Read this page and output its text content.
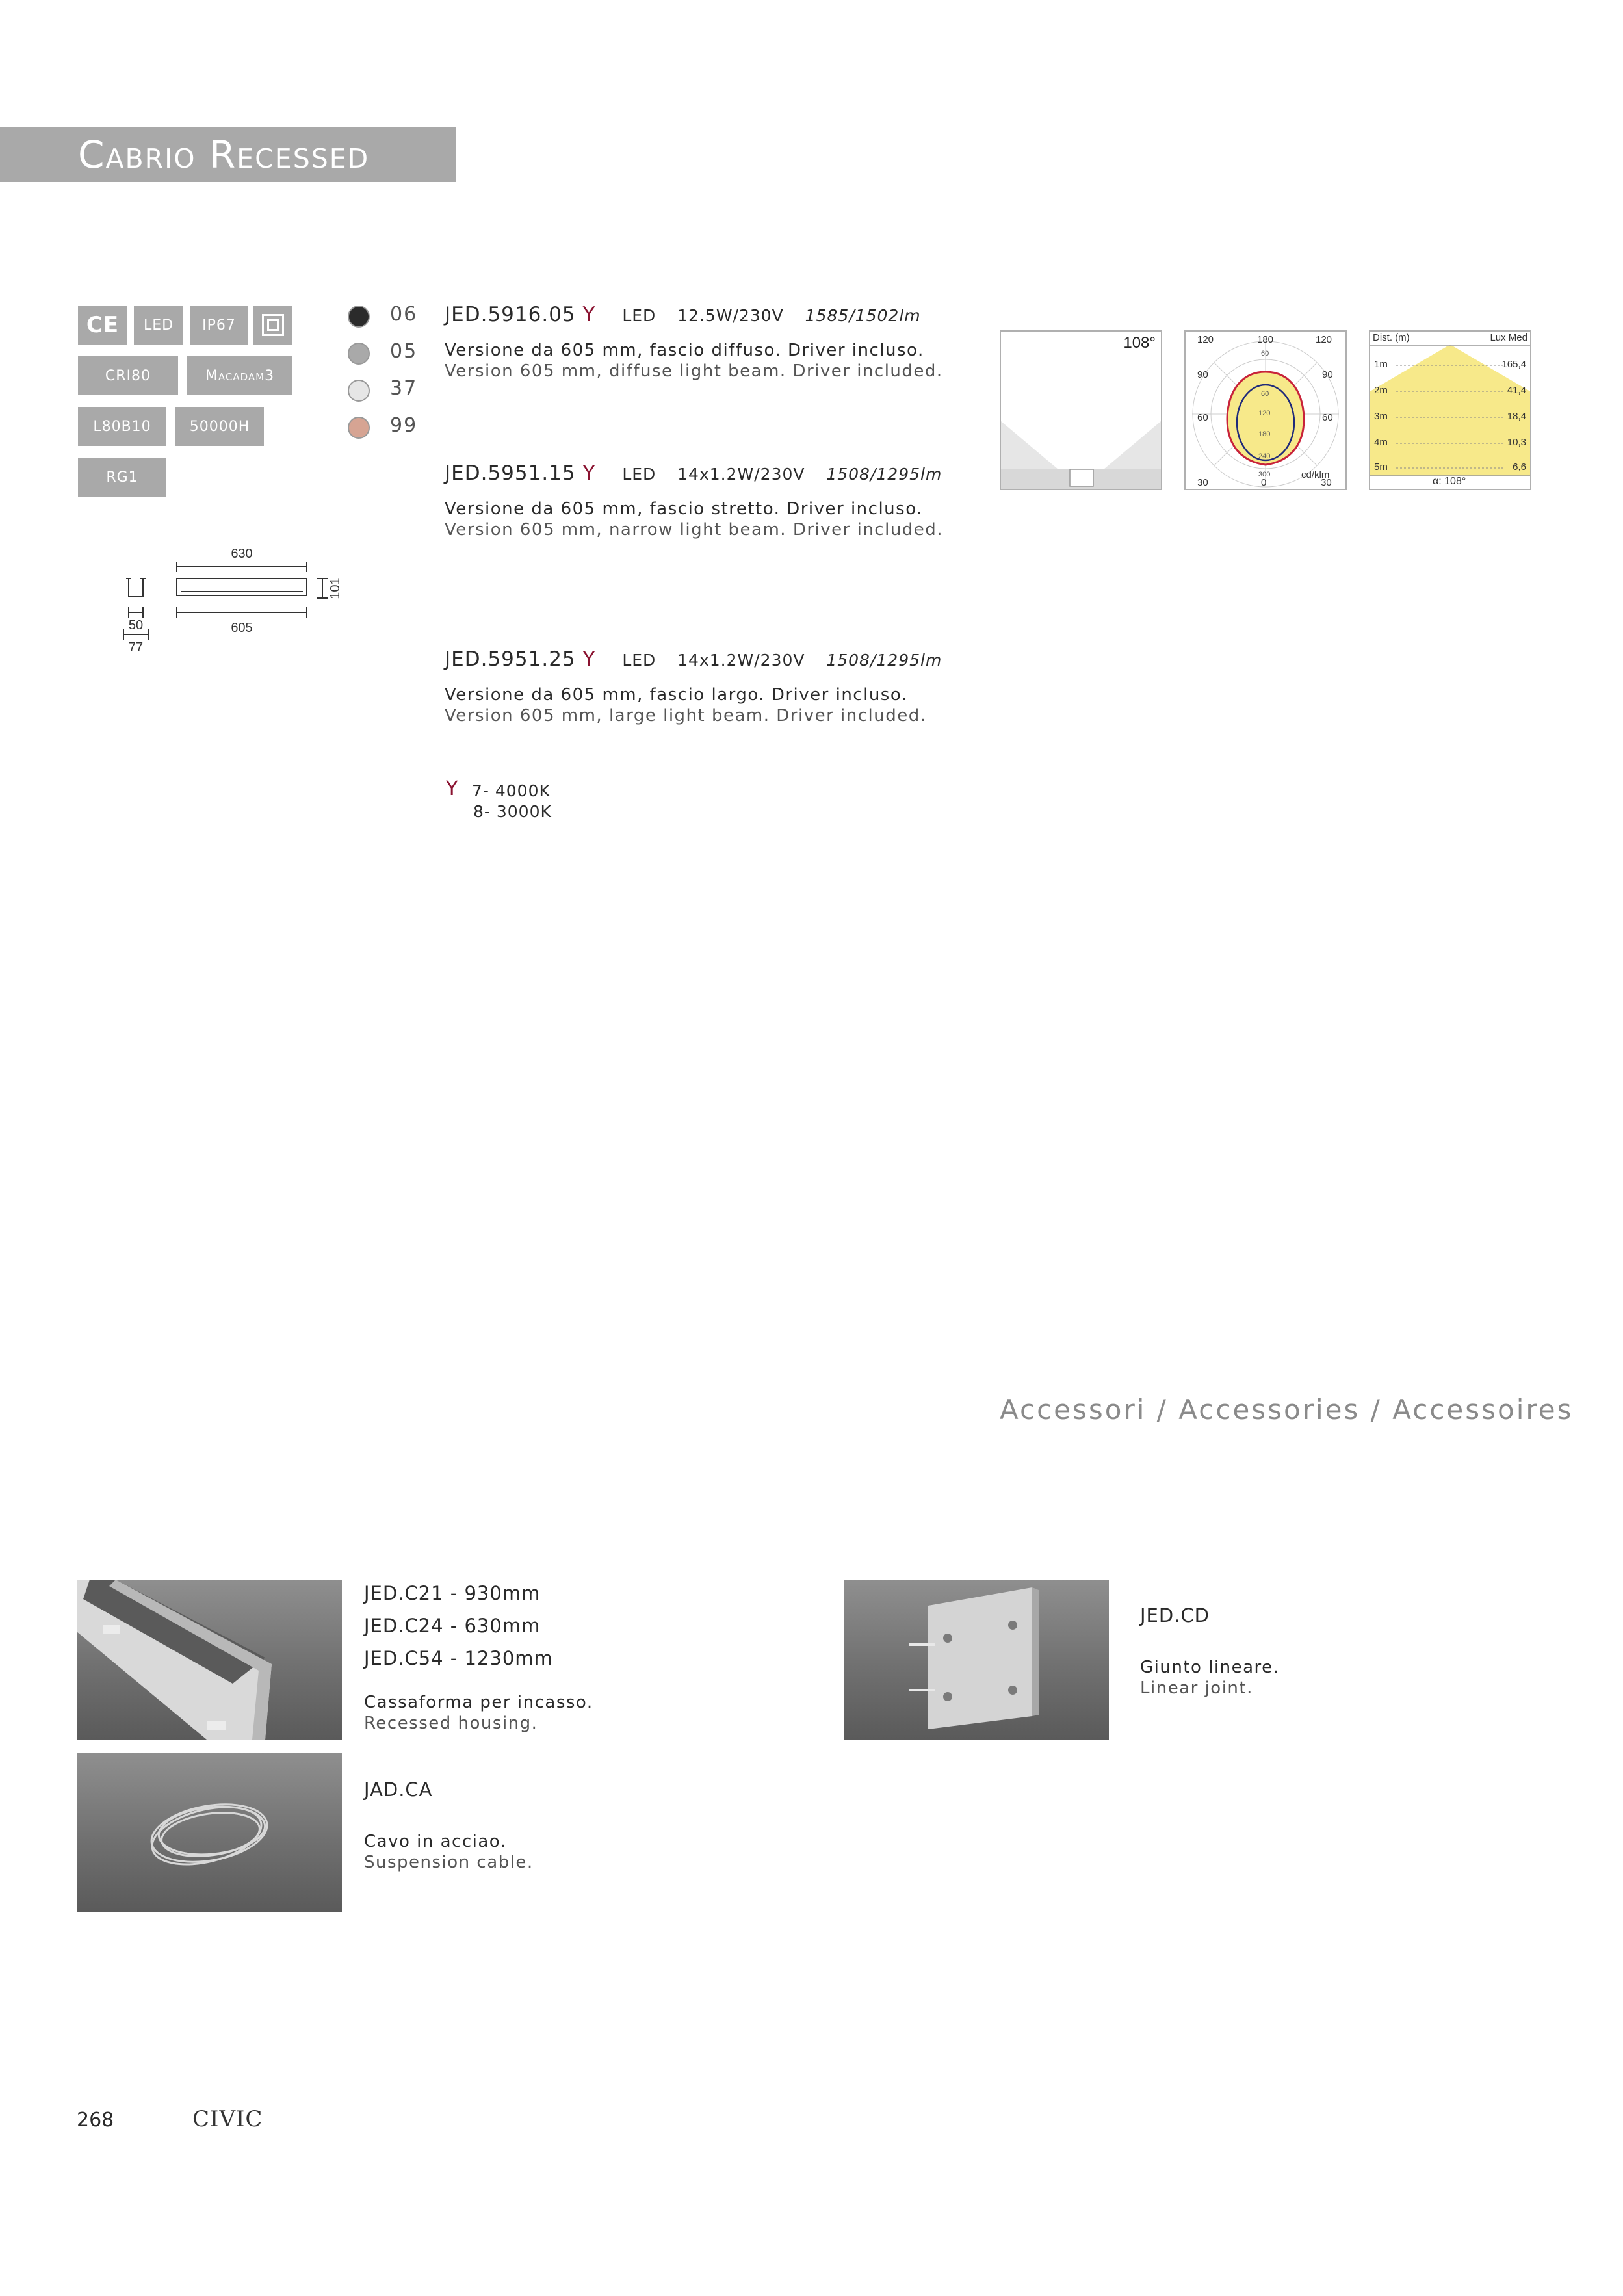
Cabrio Recessed
CE	LED	IP67
CRI80	Macadam3
L80B10	50000H
RG1
630
605
101
50
77
06
05
37
99
JED.5916.05 Y LED 12.5W/230V 1585/1502lm
Versione da 605 mm, fascio diffuso. Driver incluso.
Version 605 mm, diffuse light beam. Driver included.
JED.5951.15 Y LED 14x1.2W/230V 1508/1295lm
Versione da 605 mm, fascio stretto. Driver incluso.
Version 605 mm, narrow light beam. Driver included.
JED.5951.25 Y LED 14x1.2W/230V 1508/1295lm
Versione da 605 mm, fascio largo. Driver incluso.
Version 605 mm, large light beam. Driver included.
Y 7- 4000K
8- 3000K
108°	120	180	120
90	90
60	60
30	0	30
60
60
120
180
240
300	cd/klm
Dist. (m)	Lux Med
1m	165,4
2m	41,4
3m	18,4
4m	10,3
5m	6,6
α: 108°
Accessori / Accessories / Accessoires
JED.C21 - 930mm
JED.C24 - 630mm
JED.C54 - 1230mm
Cassaforma per incasso.
Recessed housing.
JED.CD
Giunto lineare.
Linear joint.
JAD.CA
Cavo in acciao.
Suspension cable.
268	CIVIC
